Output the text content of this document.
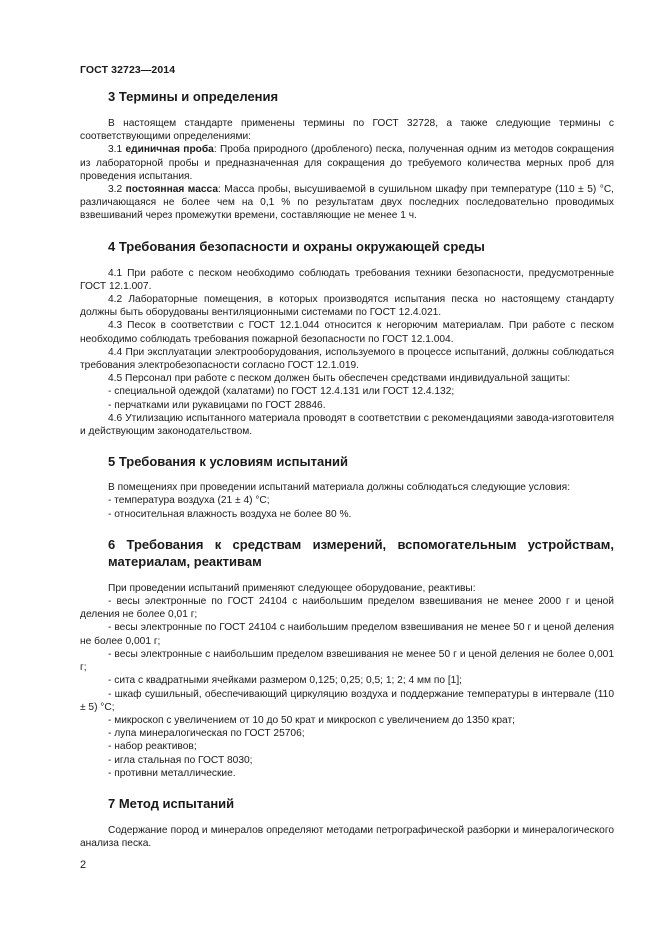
ГОСТ 32723—2014
3 Термины и определения

В настоящем стандарте применены термины по ГОСТ 32728, а также следующие термины с соответствующими определениями:

3.1 единичная проба: Проба природного (дробленого) песка, полученная одним из методов сокращения из лабораторной пробы и предназначенная для сокращения до требуемого количества мерных проб для проведения испытания.

3.2 постоянная масса: Масса пробы, высушиваемой в сушильном шкафу при температуре (110 ± 5) °С, различающаяся не более чем на 0,1 % по результатам двух последних последовательно проводимых взвешиваний через промежутки времени, составляющие не менее 1 ч.

4 Требования безопасности и охраны окружающей среды

4.1 При работе с песком необходимо соблюдать требования техники безопасности, предусмотренные ГОСТ 12.1.007.

4.2 Лабораторные помещения, в которых производятся испытания песка но настоящему стандарту должны быть оборудованы вентиляционными системами по ГОСТ 12.4.021.

4.3 Песок в соответствии с ГОСТ 12.1.044 относится к негорючим материалам. При работе с песком необходимо соблюдать требования пожарной безопасности по ГОСТ 12.1.004.

4.4 При эксплуатации электрооборудования, используемого в процессе испытаний, должны соблюдаться требования электробезопасности согласно ГОСТ 12.1.019.

4.5 Персонал при работе с песком должен быть обеспечен средствами индивидуальной защиты:

- специальной одеждой (халатами) по ГОСТ 12.4.131 или ГОСТ 12.4.132;

- перчатками или рукавицами по ГОСТ 28846.

4.6 Утилизацию испытанного материала проводят в соответствии с рекомендациями завода-изготовителя и действующим законодательством.

5 Требования к условиям испытаний

В помещениях при проведении испытаний материала должны соблюдаться следующие условия:

- температура воздуха (21 ± 4) °С;

- относительная влажность воздуха не более 80 %.

6 Требования к средствам измерений, вспомогательным устройствам, материалам, реактивам

При проведении испытаний применяют следующее оборудование, реактивы:

- весы электронные по ГОСТ 24104 с наибольшим пределом взвешивания не менее 2000 г и ценой деления не более 0,01 г;

- весы электронные по ГОСТ 24104 с наибольшим пределом взвешивания не менее 50 г и ценой деления не более 0,001 г;

- весы электронные с наибольшим пределом взвешивания не менее 50 г и ценой деления не более 0,001 г;

- сита с квадратными ячейками размером 0,125; 0,25; 0,5; 1; 2; 4 мм по [1];

- шкаф сушильный, обеспечивающий циркуляцию воздуха и поддержание температуры в интервале (110 ± 5) °С;

- микроскоп с увеличением от 10 до 50 крат и микроскоп с увеличением до 1350 крат;

- лупа минералогическая по ГОСТ 25706;

- набор реактивов;

- игла стальная по ГОСТ 8030;

- противни металлические.

7 Метод испытаний

Содержание пород и минералов определяют методами петрографической разборки и минералогического анализа песка.

2
